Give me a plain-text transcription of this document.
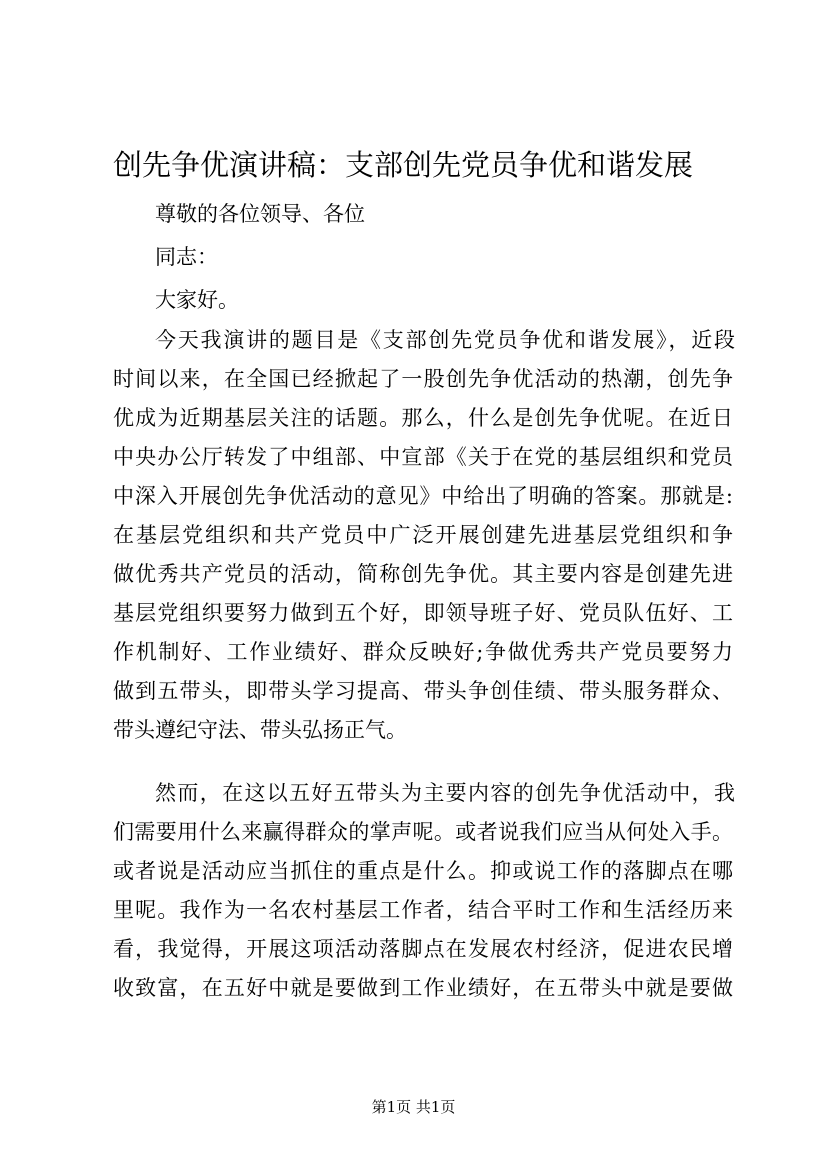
创先争优演讲稿：支部创先党员争优和谐发展
尊敬的各位领导、各位
同志：
大家好。
今天我演讲的题目是《支部创先党员争优和谐发展》，近段
时间以来，在全国已经掀起了一股创先争优活动的热潮，创先争
优成为近期基层关注的话题。那么，什么是创先争优呢。在近日
中央办公厅转发了中组部、中宣部《关于在党的基层组织和党员
中深入开展创先争优活动的意见》中给出了明确的答案。那就是:
在基层党组织和共产党员中广泛开展创建先进基层党组织和争
做优秀共产党员的活动，简称创先争优。其主要内容是创建先进
基层党组织要努力做到五个好，即领导班子好、党员队伍好、工
作机制好、工作业绩好、群众反映好;争做优秀共产党员要努力
做到五带头，即带头学习提高、带头争创佳绩、带头服务群众、
带头遵纪守法、带头弘扬正气。
然而，在这以五好五带头为主要内容的创先争优活动中，我
们需要用什么来赢得群众的掌声呢。或者说我们应当从何处入手。
或者说是活动应当抓住的重点是什么。抑或说工作的落脚点在哪
里呢。我作为一名农村基层工作者，结合平时工作和生活经历来
看，我觉得，开展这项活动落脚点在发展农村经济，促进农民增
收致富，在五好中就是要做到工作业绩好，在五带头中就是要做
第1页 共1页
